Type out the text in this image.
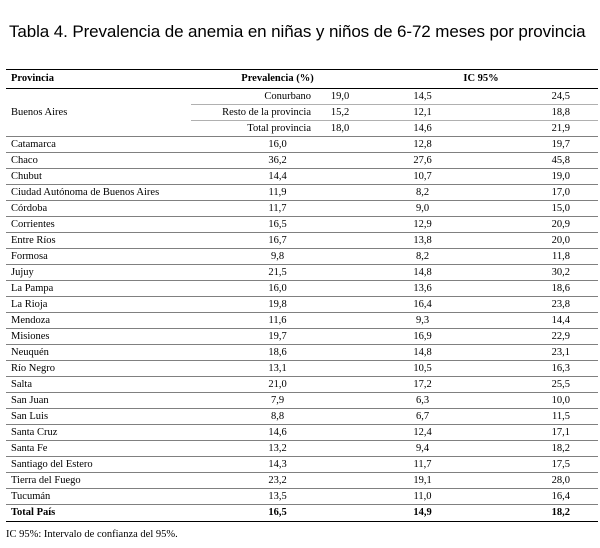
Tabla 4. Prevalencia de anemia en niñas y niños de 6-72 meses por provincia
Provincia	Prevalencia (%)		IC 95%	
Buenos Aires	Conurbano	19,0	14,5	24,5
	Resto de la provincia	15,2	12,1	18,8
	Total provincia	18,0	14,6	21,9
Catamarca	16,0		12,8	19,7
Chaco	36,2		27,6	45,8
Chubut	14,4		10,7	19,0
Ciudad Autónoma de Buenos Aires	11,9		8,2	17,0
Córdoba	11,7		9,0	15,0
Corrientes	16,5		12,9	20,9
Entre Ríos	16,7		13,8	20,0
Formosa	9,8		8,2	11,8
Jujuy	21,5		14,8	30,2
La Pampa	16,0		13,6	18,6
La Rioja	19,8		16,4	23,8
Mendoza	11,6		9,3	14,4
Misiones	19,7		16,9	22,9
Neuquén	18,6		14,8	23,1
Río Negro	13,1		10,5	16,3
Salta	21,0		17,2	25,5
San Juan	7,9		6,3	10,0
San Luis	8,8		6,7	11,5
Santa Cruz	14,6		12,4	17,1
Santa Fe	13,2		9,4	18,2
Santiago del Estero	14,3		11,7	17,5
Tierra del Fuego	23,2		19,1	28,0
Tucumán	13,5		11,0	16,4
Total País	16,5		14,9	18,2
IC 95%: Intervalo de confianza del 95%.
